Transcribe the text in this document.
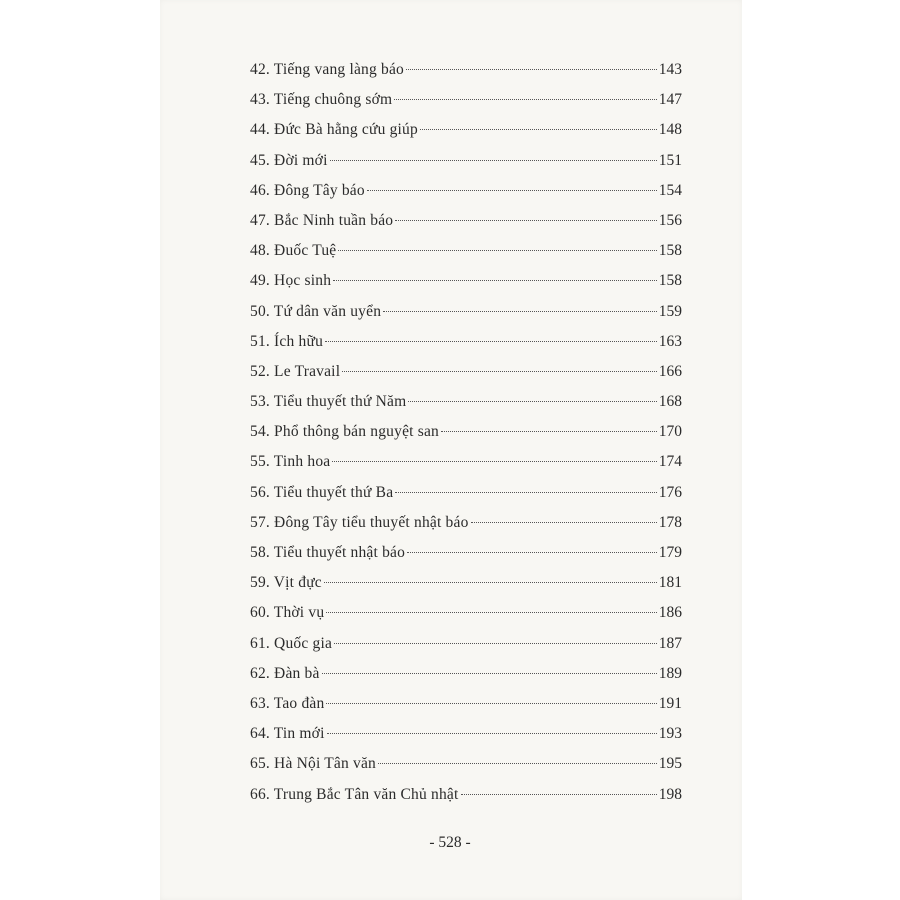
42. Tiếng vang làng báo	143
43. Tiếng chuông sớm	147
44. Đức Bà hằng cứu giúp	148
45. Đời mới	151
46. Đông Tây báo	154
47. Bắc Ninh tuần báo	156
48. Đuốc Tuệ	158
49. Học sinh	158
50. Tứ dân văn uyển	159
51. Ích hữu	163
52. Le Travail	166
53. Tiểu thuyết thứ Năm	168
54. Phổ thông bán nguyệt san	170
55. Tinh hoa	174
56. Tiểu thuyết thứ Ba	176
57. Đông Tây tiểu thuyết nhật báo	178
58. Tiểu thuyết nhật báo	179
59. Vịt đực	181
60. Thời vụ	186
61. Quốc gia	187
62. Đàn bà	189
63. Tao đàn	191
64. Tin mới	193
65. Hà Nội Tân văn	195
66. Trung Bắc Tân văn Chủ nhật	198
- 528 -
